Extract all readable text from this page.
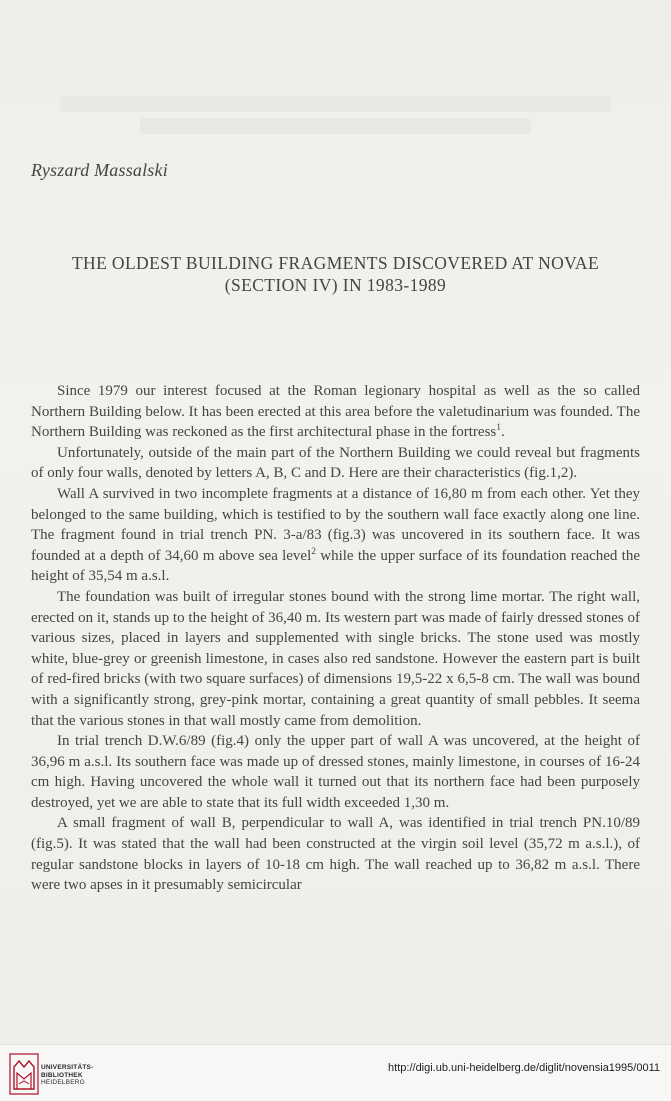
Ryszard Massalski
THE OLDEST BUILDING FRAGMENTS DISCOVERED AT NOVAE
(SECTION IV) IN 1983-1989

Since 1979 our interest focused at the Roman legionary hospital as well as the so called Northern Building below. It has been erected at this area before the valetudinarium was founded. The Northern Building was reckoned as the first architectural phase in the fortress$^1$.

Unfortunately, outside of the main part of the Northern Building we could reveal but fragments of only four walls, denoted by letters A, B, C and D. Here are their characteristics (fig.1,2).

Wall A survived in two incomplete fragments at a distance of 16,80 m from each other. Yet they belonged to the same building, which is testified to by the southern wall face exactly along one line. The fragment found in trial trench PN. 3-a/83 (fig.3) was uncovered in its southern face. It was founded at a depth of 34,60 m above sea level$^2$ while the upper surface of its foundation reached the height of 35,54 m a.s.l.

The foundation was built of irregular stones bound with the strong lime mortar. The right wall, erected on it, stands up to the height of 36,40 m. Its western part was made of fairly dressed stones of various sizes, placed in layers and supplemented with single bricks. The stone used was mostly white, blue-grey or greenish limestone, in cases also red sandstone. However the eastern part is built of red-fired bricks (with two square surfaces) of dimensions 19,5-22 x 6,5-8 cm. The wall was bound with a significantly strong, grey-pink mortar, containing a great quantity of small pebbles. It seema that the various stones in that wall mostly came from demolition.

In trial trench D.W.6/89 (fig.4) only the upper part of wall A was uncovered, at the height of 36,96 m a.s.l. Its southern face was made up of dressed stones, mainly limestone, in courses of 16-24 cm high. Having uncovered the whole wall it turned out that its northern face had been purposely destroyed, yet we are able to state that its full width exceeded 1,30 m.

A small fragment of wall B, perpendicular to wall A, was identified in trial trench PN.10/89 (fig.5). It was stated that the wall had been constructed at the virgin soil level (35,72 m a.s.l.), of regular sandstone blocks in layers of 10-18 cm high. The wall reached up to 36,82 m a.s.l. There were two apses in it presumably semicircular

UNIVERSITÄTS-
BIBLIOTHEK
HEIDELBERG
http://digi.ub.uni-heidelberg.de/diglit/novensia1995/0011
